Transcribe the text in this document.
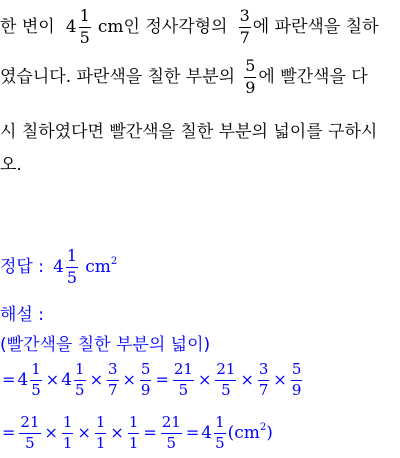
한 변이 $4 \frac{1}{5}$ cm인 정사각형의 $\frac{3}{7}$ 에 파란색을 칠하
였습니다. 파란색을 칠한 부분의 $\frac{5}{9}$ 에 빨간색을 다
시 칠하였다면 빨간색을 칠한 부분의 넓이를 구하시
오.
정답 : $4 \frac{1}{5} cm^2$
해설 :
(빨간색을 칠한 부분의 넓이)
= $4 \frac{1}{5} \times 4 \frac{1}{5} \times \frac{3}{7} \times \frac{5}{9} = \frac{21}{5} \times \frac{21}{5} \times \frac{3}{7} \times \frac{5}{9}$
= $\frac{21}{5} \times \frac{1}{1} \times \frac{1}{1} \times \frac{1}{1} = \frac{21}{5} = 4 \frac{1}{5} (cm^2)$
